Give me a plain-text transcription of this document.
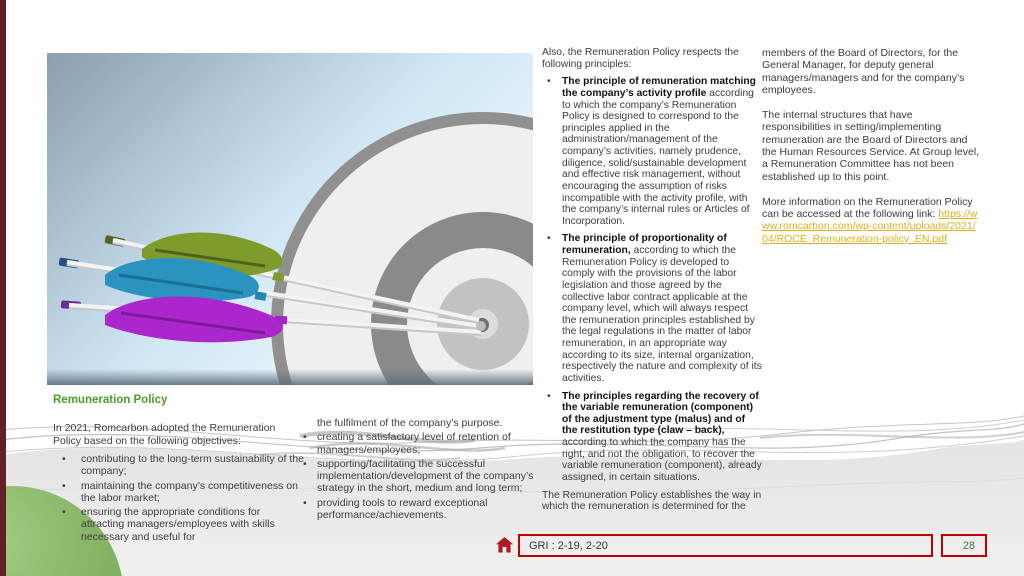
Remuneration Policy

In 2021, Romcarbon adopted the Remuneration Policy based on the following objectives:

•	contributing to the long-term sustainability of the company;
•	maintaining the company’s competitiveness on the labor market;
•	ensuring the appropriate conditions for attracting managers/employees with skills necessary and useful for

the fulfilment of the company’s purpose.

• creating a satisfactory level of retention of managers/employees;
• supporting/facilitating the successful implementation/development of the company’s strategy in the short, medium and long term;
• providing tools to reward exceptional performance/achievements.

Also, the Remuneration Policy respects the following principles:

•	The principle of remuneration matching the company’s activity profile according to which the company’s Remuneration Policy is designed to correspond to the principles applied in the administration/management of the company’s activities, namely prudence, diligence, solid/sustainable development and effective risk management, without encouraging the assumption of risks incompatible with the activity profile, with the company’s internal rules or Articles of Incorporation.
•	The principle of proportionality of remuneration, according to which the Remuneration Policy is developed to comply with the provisions of the labor legislation and those agreed by the collective labor contract applicable at the company level, which will always respect the remuneration principles established by the legal regulations in the matter of labor remuneration, in an appropriate way according to its size, internal organization, respectively the nature and complexity of its activities.
•	The principles regarding the recovery of the variable remuneration (component) of the adjustment type (malus) and of the restitution type (claw – back), according to which the company has the right, and not the obligation, to recover the variable remuneration (component), already assigned, in certain situations.

The Remuneration Policy establishes the way in which the remuneration is determined for the

members of the Board of Directors, for the General Manager, for deputy general managers/managers and for the company’s employees.

The internal structures that have responsibilities in setting/implementing remuneration are the Board of Directors and the Human Resources Service. At Group level, a Remuneration Committee has not been established up to this point.

More information on the Remuneration Policy can be accessed at the following link: https://www.romcarbon.com/wp-content/uploads/2021/04/ROCE_Remuneration-policy_EN.pdf

GRI : 2-19, 2-20	28
